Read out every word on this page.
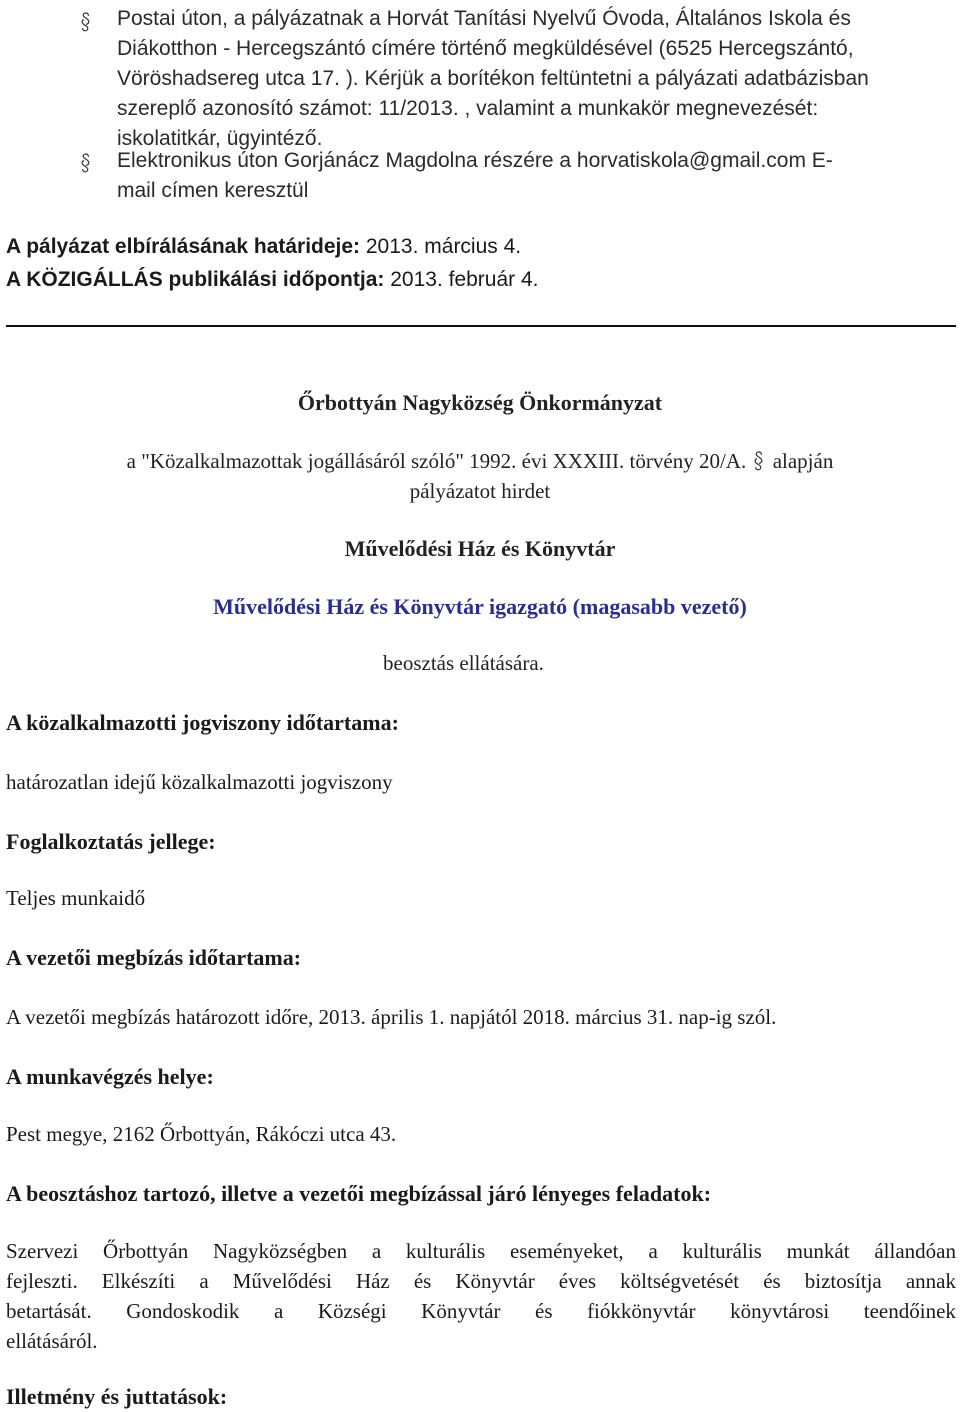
Postai úton, a pályázatnak a Horvát Tanítási Nyelvű Óvoda, Általános Iskola és
Diákotthon - Hercegszántó címére történő megküldésével (6525 Hercegszántó,
Vöröshadsereg utca 17. ). Kérjük a borítékon feltüntetni a pályázati adatbázisban
szereplő azonosító számot: 11/2013. , valamint a munkakör megnevezését:
iskolatitkár, ügyintéző.
Elektronikus úton Gorjánácz Magdolna részére a horvatiskola@gmail.com E-
mail címen keresztül
A pályázat elbírálásának határideje: 2013. március 4.
A KÖZIGÁLLÁS publikálási időpontja: 2013. február 4.
Őrbottyán Nagyközség Önkormányzat
a "Közalkalmazottak jogállásáról szóló" 1992. évi XXXIII. törvény 20/A. alapján
pályázatot hirdet
Művelődési Ház és Könyvtár
Művelődési Ház és Könyvtár igazgató (magasabb vezető)
beosztás ellátására.
A közalkalmazotti jogviszony időtartama:
határozatlan idejű közalkalmazotti jogviszony
Foglalkoztatás jellege:
Teljes munkaidő
A vezetői megbízás időtartama:
A vezetői megbízás határozott időre, 2013. április 1. napjától 2018. március 31. nap-ig szól.
A munkavégzés helye:
Pest megye, 2162 Őrbottyán, Rákóczi utca 43.
A beosztáshoz tartozó, illetve a vezetői megbízással járó lényeges feladatok:
Szervezi Őrbottyán Nagyközségben a kulturális eseményeket, a kulturális munkát állandóan
fejleszti. Elkészíti a Művelődési Ház és Könyvtár éves költségvetését és biztosítja annak
betartását. Gondoskodik a Községi Könyvtár és fiókkönyvtár könyvtárosi teendőinek
ellátásáról.
Illetmény és juttatások:
